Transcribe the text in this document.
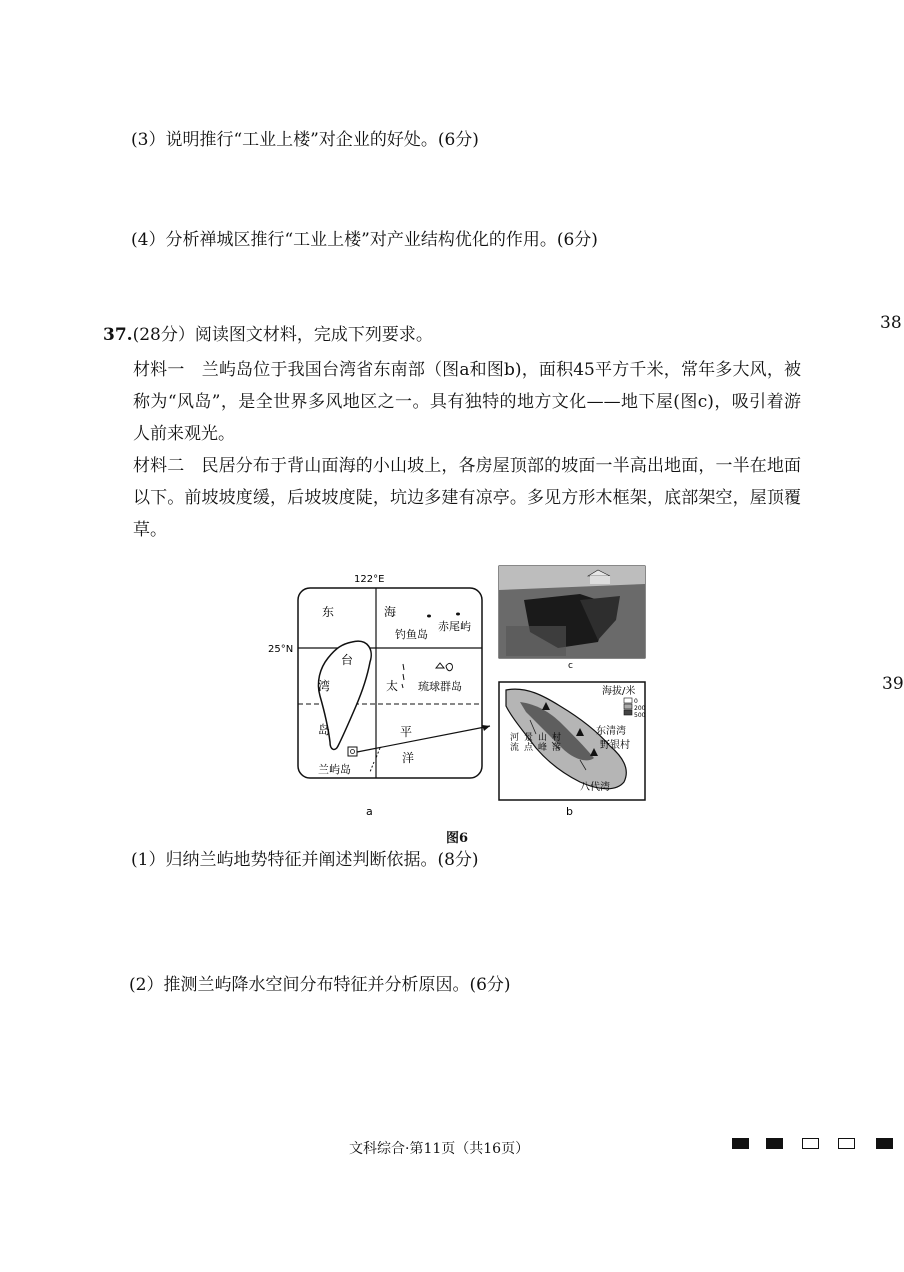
(3）说明推行“工业上楼”对企业的好处。(6分)
(4）分析禅城区推行“工业上楼”对产业结构优化的作用。(6分)
37.(28分）阅读图文材料，完成下列要求。
材料一　兰屿岛位于我国台湾省东南部（图a和图b)，面积45平方千米，常年多大风，被称为“风岛”，是全世界多风地区之一。具有独特的地方文化——地下屋(图c)，吸引着游人前来观光。
材料二　民居分布于背山面海的小山坡上，各房屋顶部的坡面一半高出地面，一半在地面以下。前坡坡度缓，后坡坡度陡，坑边多建有凉亭。多见方形木框架，底部架空，屋顶覆草。
38
39
122°E
25°N
东	海
钓鱼岛
赤尾屿
台
湾
岛
太
平
洋
琉球群岛
兰屿岛
a
c
海拔/米
0
200
500
东清湾
野银村
八代湾
河流
景点
山峰
村落
b
图6
(1）归纳兰屿地势特征并阐述判断依据。(8分)
(2）推测兰屿降水空间分布特征并分析原因。(6分)
文科综合·第11页（共16页）
